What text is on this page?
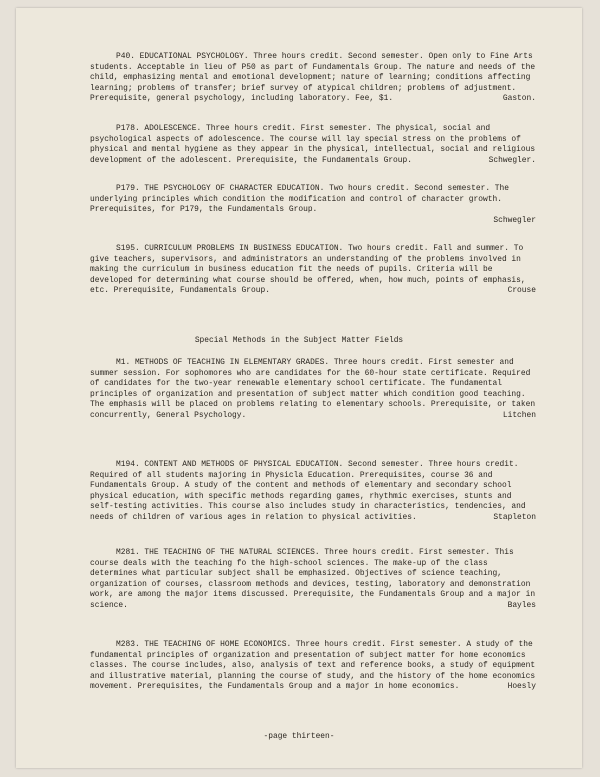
P40. EDUCATIONAL PSYCHOLOGY. Three hours credit. Second semester. Open only to Fine Arts students. Acceptable in lieu of P50 as part of Fundamentals Group. The nature and needs of the child, emphasizing mental and emotional development; nature of learning; conditions affecting learning; problems of transfer; brief survey of atypical children; problems of adjustment. Prerequisite, general psychology, including laboratory. Fee, $1.	Gaston.

P178. ADOLESCENCE. Three hours credit. First semester. The physical, social and psychological aspects of adolescence. The course will lay special stress on the problems of physical and mental hygiene as they appear in the physical, intellectual, social and religious development of the adolescent. Prerequisite, the Fundamentals Group.	Schwegler.

P179. THE PSYCHOLOGY OF CHARACTER EDUCATION. Two hours credit. Second semester. The underlying principles which condition the modification and control of character growth. Prerequisites, for P179, the Fundamentals Group.

Schwegler

S195. CURRICULUM PROBLEMS IN BUSINESS EDUCATION. Two hours credit. Fall and summer. To give teachers, supervisors, and administrators an understanding of the problems involved in making the curriculum in business education fit the needs of pupils. Criteria will be developed for determining what course should be offered, when, how much, points of emphasis, etc. Prerequisite, Fundamentals Group.	Crouse
Special Methods in the Subject Matter Fields

M1. METHODS OF TEACHING IN ELEMENTARY GRADES. Three hours credit. First semester and summer session. For sophomores who are candidates for the 60-hour state certificate. Required of candidates for the two-year renewable elementary school certificate. The fundamental principles of organization and presentation of subject matter which condition good teaching. The emphasis will be placed on problems relating to elementary schools. Prerequisite, or taken concurrently, General Psychology.	Litchen

M194. CONTENT AND METHODS OF PHYSICAL EDUCATION. Second semester. Three hours credit. Required of all students majoring in Physicla Education. Prerequisites, course 36 and Fundamentals Group. A study of the content and methods of elementary and secondary school physical education, with specific methods regarding games, rhythmic exercises, stunts and self-testing activities. This course also includes study in characteristics, tendencies, and needs of children of various ages in relation to physical activities.	Stapleton

M281. THE TEACHING OF THE NATURAL SCIENCES. Three hours credit. First semester. This course deals with the teaching fo the high-school sciences. The make-up of the class determines what particular subject shall be emphasized. Objectives of science teaching, organization of courses, classroom methods and devices, testing, laboratory and demonstration work, are among the major items discussed. Prerequisite, the Fundamentals Group and a major in science.	Bayles

M283. THE TEACHING OF HOME ECONOMICS. Three hours credit. First semester. A study of the fundamental principles of organization and presentation of subject matter for home economics classes. The course includes, also, analysis of text and reference books, a study of equipment and illustrative material, planning the course of study, and the history of the home economics movement. Prerequisites, the Fundamentals Group and a major in home economics.	Hoesly
-page thirteen-
